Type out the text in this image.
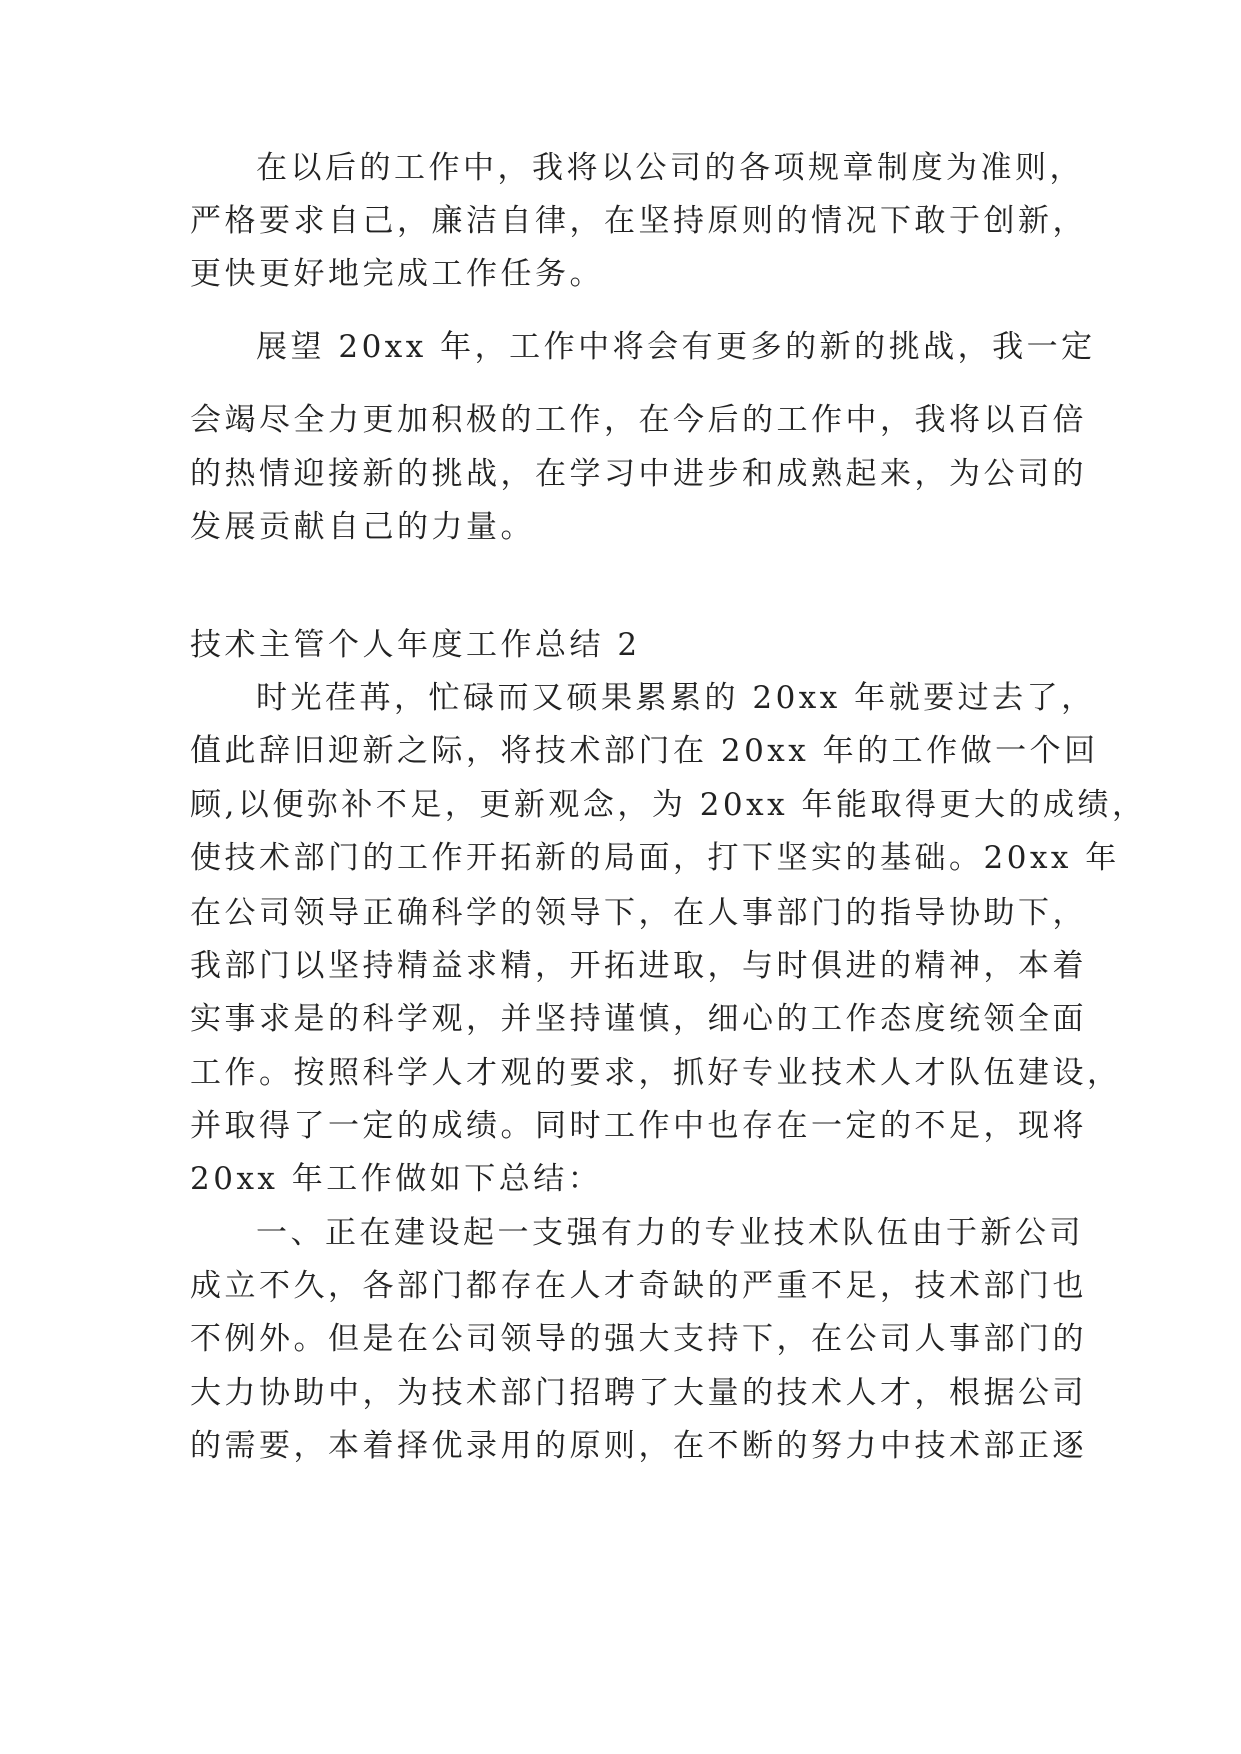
在以后的工作中，我将以公司的各项规章制度为准则，
严格要求自己，廉洁自律，在坚持原则的情况下敢于创新，
更快更好地完成工作任务。
展望 20xx 年，工作中将会有更多的新的挑战，我一定
会竭尽全力更加积极的工作，在今后的工作中，我将以百倍
的热情迎接新的挑战，在学习中进步和成熟起来，为公司的
发展贡献自己的力量。
技术主管个人年度工作总结 2
时光荏苒，忙碌而又硕果累累的 20xx 年就要过去了，
值此辞旧迎新之际，将技术部门在 20xx 年的工作做一个回
顾,以便弥补不足，更新观念，为 20xx 年能取得更大的成绩，
使技术部门的工作开拓新的局面，打下坚实的基础。20xx 年
在公司领导正确科学的领导下，在人事部门的指导协助下，
我部门以坚持精益求精，开拓进取，与时俱进的精神，本着
实事求是的科学观，并坚持谨慎，细心的工作态度统领全面
工作。按照科学人才观的要求，抓好专业技术人才队伍建设，
并取得了一定的成绩。同时工作中也存在一定的不足，现将
20xx 年工作做如下总结：
一、正在建设起一支强有力的专业技术队伍由于新公司
成立不久，各部门都存在人才奇缺的严重不足，技术部门也
不例外。但是在公司领导的强大支持下，在公司人事部门的
大力协助中，为技术部门招聘了大量的技术人才，根据公司
的需要，本着择优录用的原则，在不断的努力中技术部正逐
